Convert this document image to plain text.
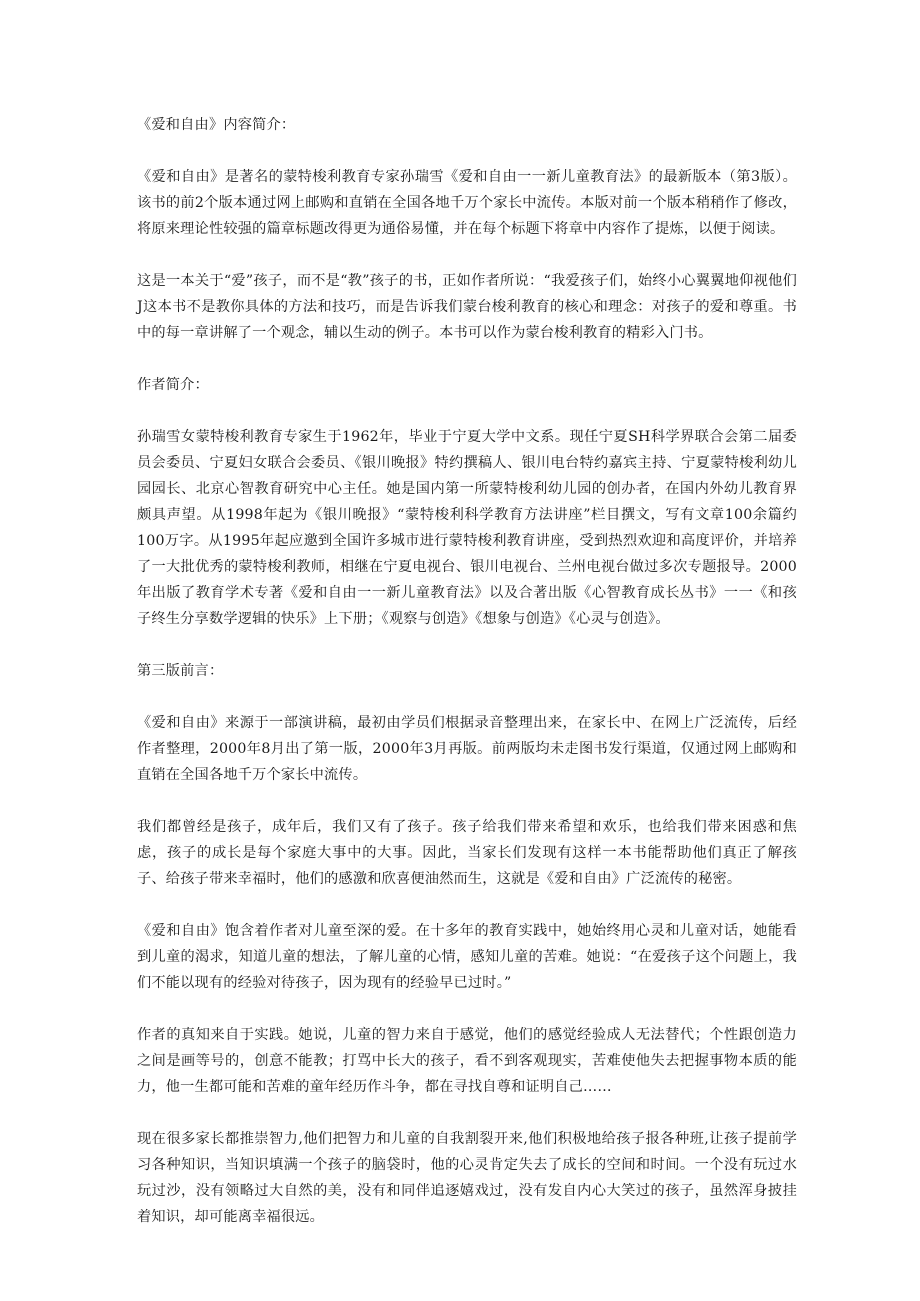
《爱和自由》内容简介：
《爱和自由》是著名的蒙特梭利教育专家孙瑞雪《爱和自由一一新儿童教育法》的最新版本（第3版）。该书的前2个版本通过网上邮购和直销在全国各地千万个家长中流传。本版对前一个版本稍稍作了修改，将原来理论性较强的篇章标题改得更为通俗易懂，并在每个标题下将章中内容作了提炼，以便于阅读。
这是一本关于“爱”孩子，而不是“教”孩子的书，正如作者所说：“我爱孩子们，始终小心翼翼地仰视他们J这本书不是教你具体的方法和技巧，而是告诉我们蒙台梭利教育的核心和理念：对孩子的爱和尊重。书中的每一章讲解了一个观念，辅以生动的例子。本书可以作为蒙台梭利教育的精彩入门书。
作者简介：
孙瑞雪女蒙特梭利教育专家生于1962年，毕业于宁夏大学中文系。现任宁夏SH科学界联合会第二届委员会委员、宁夏妇女联合会委员、《银川晚报》特约撰稿人、银川电台特约嘉宾主持、宁夏蒙特梭利幼儿园园长、北京心智教育研究中心主任。她是国内第一所蒙特梭利幼儿园的创办者，在国内外幼儿教育界颇具声望。从1998年起为《银川晚报》“蒙特梭利科学教育方法讲座”栏目撰文，写有文章100余篇约100万字。从1995年起应邀到全国许多城市进行蒙特梭利教育讲座，受到热烈欢迎和高度评价，并培养了一大批优秀的蒙特梭利教师，相继在宁夏电视台、银川电视台、兰州电视台做过多次专题报导。2000年出版了教育学术专著《爱和自由一一新儿童教育法》以及合著出版《心智教育成长丛书》一一《和孩子终生分享数学逻辑的快乐》上下册；《观察与创造》《想象与创造》《心灵与创造》。
第三版前言：
《爱和自由》来源于一部演讲稿，最初由学员们根据录音整理出来，在家长中、在网上广泛流传，后经作者整理，2000年8月出了第一版，2000年3月再版。前两版均未走图书发行渠道，仅通过网上邮购和直销在全国各地千万个家长中流传。
我们都曾经是孩子，成年后，我们又有了孩子。孩子给我们带来希望和欢乐，也给我们带来困惑和焦虑，孩子的成长是每个家庭大事中的大事。因此，当家长们发现有这样一本书能帮助他们真正了解孩子、给孩子带来幸福时，他们的感激和欣喜便油然而生，这就是《爱和自由》广泛流传的秘密。
《爱和自由》饱含着作者对儿童至深的爱。在十多年的教育实践中，她始终用心灵和儿童对话，她能看到儿童的渴求，知道儿童的想法，了解儿童的心情，感知儿童的苦难。她说：“在爱孩子这个问题上，我们不能以现有的经验对待孩子，因为现有的经验早已过时。”
作者的真知来自于实践。她说，儿童的智力来自于感觉，他们的感觉经验成人无法替代；个性跟创造力之间是画等号的，创意不能教；打骂中长大的孩子，看不到客观现实，苦难使他失去把握事物本质的能力，他一生都可能和苦难的童年经历作斗争，都在寻找自尊和证明自己……
现在很多家长都推崇智力,他们把智力和儿童的自我割裂开来,他们积极地给孩子报各种班,让孩子提前学习各种知识，当知识填满一个孩子的脑袋时，他的心灵肯定失去了成长的空间和时间。一个没有玩过水玩过沙，没有领略过大自然的美，没有和同伴追逐嬉戏过，没有发自内心大笑过的孩子，虽然浑身披挂着知识，却可能离幸福很远。
